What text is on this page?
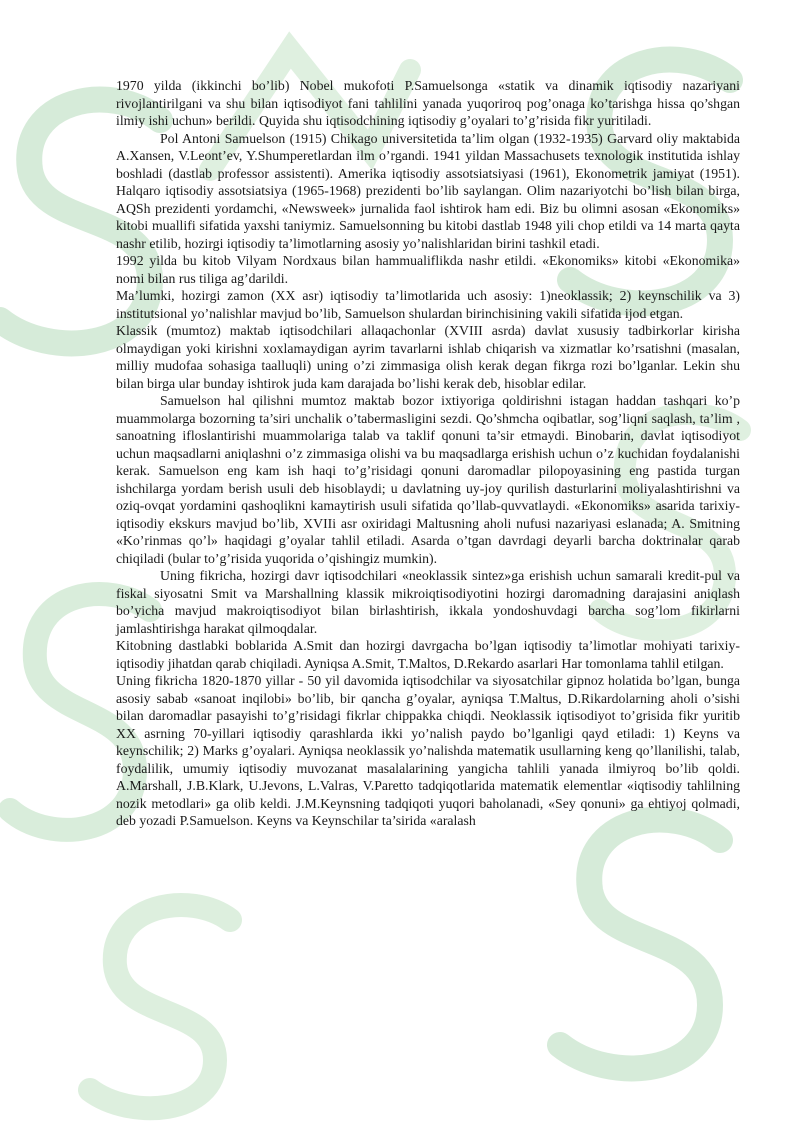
1970 yilda (ikkinchi bo’lib) Nobel mukofoti P.Samuelsonga «statik va dinamik iqtisodiy nazariyani rivojlantirilgani va shu bilan iqtisodiyot fani tahlilini yanada yuqoriroq pog’onaga ko’tarishga hissa qo’shgan ilmiy ishi uchun» berildi. Quyida shu iqtisodchining iqtisodiy g’oyalari to’g’risida fikr yuritiladi.

Pol Antoni Samuelson (1915) Chikago universitetida ta’lim olgan (1932-1935) Garvard oliy maktabida A.Xansen, V.Leont’ev, Y.Shumperetlardan ilm o’rgandi. 1941 yildan Massachusets texnologik institutida ishlay boshladi (dastlab professor assistenti). Amerika iqtisodiy assotsiatsiyasi (1961), Ekonometrik jamiyat (1951). Halqaro iqtisodiy assotsiatsiya (1965-1968) prezidenti bo’lib saylangan. Olim nazariyotchi bo’lish bilan birga, AQSh prezidenti yordamchi, «Newsweek» jurnalida faol ishtirok ham edi. Biz bu olimni asosan «Ekonomiks» kitobi muallifi sifatida yaxshi taniymiz. Samuelsonning bu kitobi dastlab 1948 yili chop etildi va 14 marta qayta nashr etilib, hozirgi iqtisodiy ta’limotlarning asosiy yo’nalishlaridan birini tashkil etadi.

1992 yilda bu kitob Vilyam Nordxaus bilan hammualiflikda nashr etildi. «Ekonomiks» kitobi «Ekonomika» nomi bilan rus tiliga ag’darildi.

Ma’lumki, hozirgi zamon (XX asr) iqtisodiy ta’limotlarida uch asosiy: 1)neoklassik; 2) keynschilik va 3) institutsional yo’nalishlar mavjud bo’lib, Samuelson shulardan birinchisining vakili sifatida ijod etgan.

Klassik (mumtoz) maktab iqtisodchilari allaqachonlar (XVIII asrda) davlat xususiy tadbirkorlar kirisha olmaydigan yoki kirishni xoxlamaydigan ayrim tavarlarni ishlab chiqarish va xizmatlar ko’rsatishni (masalan, milliy mudofaa sohasiga taalluqli) uning o’zi zimmasiga olish kerak degan fikrga rozi bo’lganlar. Lekin shu bilan birga ular bunday ishtirok juda kam darajada bo’lishi kerak deb, hisoblar edilar.

Samuelson hal qilishni mumtoz maktab bozor ixtiyoriga qoldirishni istagan haddan tashqari ko’p muammolarga bozorning ta’siri unchalik o’tabermasligini sezdi. Qo’shmcha oqibatlar, sog’liqni saqlash, ta’lim , sanoatning ifloslantirishi muammolariga talab va taklif qonuni ta’sir etmaydi. Binobarin, davlat iqtisodiyot uchun maqsadlarni aniqlashni o’z zimmasiga olishi va bu maqsadlarga erishish uchun o’z kuchidan foydalanishi kerak. Samuelson eng kam ish haqi to’g’risidagi qonuni daromadlar pilopoyasining eng pastida turgan ishchilarga yordam berish usuli deb hisoblaydi; u davlatning uy-joy qurilish dasturlarini moliyalashtirishni va oziq-ovqat yordamini qashoqlikni kamaytirish usuli sifatida qo’llab-quvvatlaydi. «Ekonomiks» asarida tarixiy- iqtisodiy ekskurs mavjud bo’lib, XVIIi asr oxiridagi Maltusning aholi nufusi nazariyasi eslanada; A. Smitning «Ko’rinmas qo’l» haqidagi g’oyalar tahlil etiladi. Asarda o’tgan davrdagi deyarli barcha doktrinalar qarab chiqiladi (bular to’g’risida yuqorida o’qishingiz mumkin).

Uning fikricha, hozirgi davr iqtisodchilari «neoklassik sintez»ga erishish uchun samarali kredit-pul va fiskal siyosatni Smit va Marshallning klassik mikroiqtisodiyotini hozirgi daromadning darajasini aniqlash bo’yicha mavjud makroiqtisodiyot bilan birlashtirish, ikkala yondoshuvdagi barcha sog’lom fikirlarni jamlashtirishga harakat qilmoqdalar.

Kitobning dastlabki boblarida A.Smit dan hozirgi davrgacha bo’lgan iqtisodiy ta’limotlar mohiyati tarixiy-iqtisodiy jihatdan qarab chiqiladi. Ayniqsa A.Smit, T.Maltos, D.Rekardo asarlari Har tomonlama tahlil etilgan.

Uning fikricha 1820-1870 yillar - 50 yil davomida iqtisodchilar va siyosatchilar gipnoz holatida bo’lgan, bunga asosiy sabab «sanoat inqilobi» bo’lib, bir qancha g’oyalar, ayniqsa T.Maltus, D.Rikardolarning aholi o’sishi bilan daromadlar pasayishi to’g’risidagi fikrlar chippakka chiqdi. Neoklassik iqtisodiyot to’grisida fikr yuritib XX asrning 70-yillari iqtisodiy qarashlarda ikki yo’nalish paydo bo’lganligi qayd etiladi: 1) Keyns va keynschilik; 2) Marks g’oyalari. Ayniqsa neoklassik yo’nalishda matematik usullarning keng qo’llanilishi, talab, foydalilik, umumiy iqtisodiy muvozanat masalalarining yangicha tahlili yanada ilmiyroq bo’lib qoldi. A.Marshall, J.B.Klark, U.Jevons, L.Valras, V.Paretto tadqiqotlarida matematik elementlar «iqtisodiy tahlilning nozik metodlari» ga olib keldi. J.M.Keynsning tadqiqoti yuqori baholanadi, «Sey qonuni» ga ehtiyoj qolmadi, deb yozadi P.Samuelson. Keyns va Keynschilar ta’sirida «aralash
